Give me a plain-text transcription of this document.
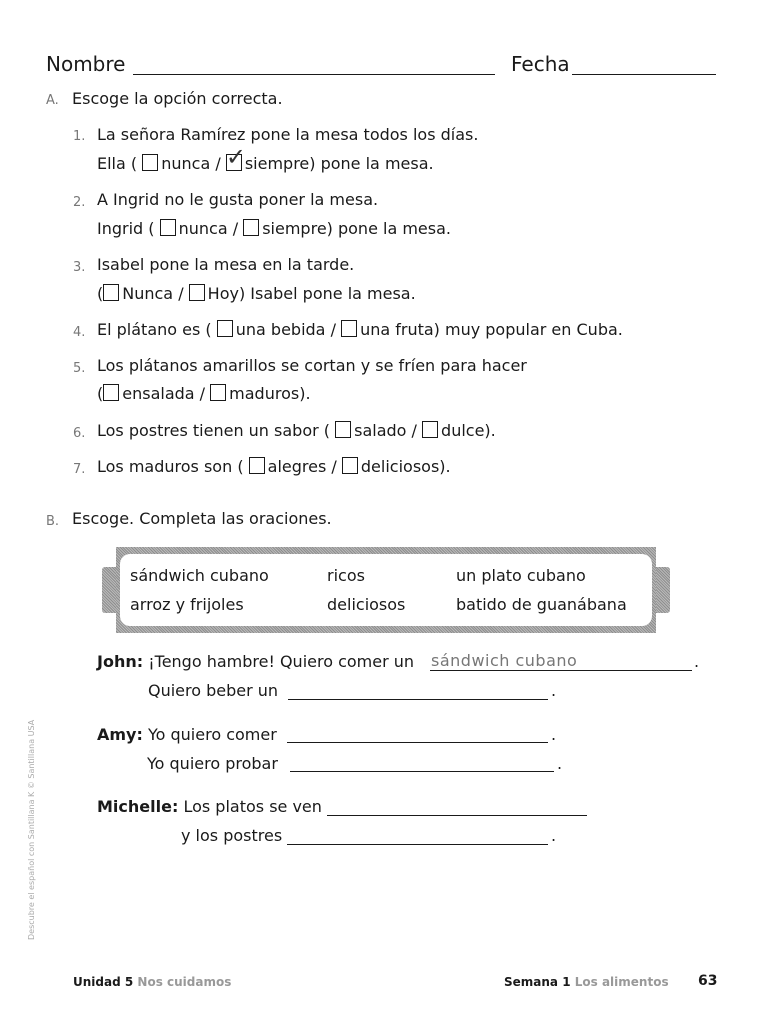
Nombre	Fecha
A. Escoge la opción correcta.
1. La señora Ramírez pone la mesa todos los días.
Ella ( nunca / ✓
siempre) pone la mesa.
2. A Ingrid no le gusta poner la mesa.
Ingrid ( nunca / siempre) pone la mesa.
3. Isabel pone la mesa en la tarde.
( Nunca / Hoy) Isabel pone la mesa.
4. El plátano es ( una bebida / una fruta) muy popular en Cuba.
5. Los plátanos amarillos se cortan y se fríen para hacer
( ensalada / maduros).
6. Los postres tienen un sabor ( salado / dulce).
7. Los maduros son ( alegres / deliciosos).
B. Escoge. Completa las oraciones.
sándwich cubano	ricos	un plato cubano
arroz y frijoles	deliciosos	batido de guanábana
John: ¡Tengo hambre! Quiero comer un sándwich cubano	.
Quiero beber un	.
Amy: Yo quiero comer	.
Yo quiero probar	.
Michelle: Los platos se ven
y los postres	.
Descubre el español con Santillana K © Santillana USA
Unidad 5 Nos cuidamos	Semana 1 Los alimentos 63
